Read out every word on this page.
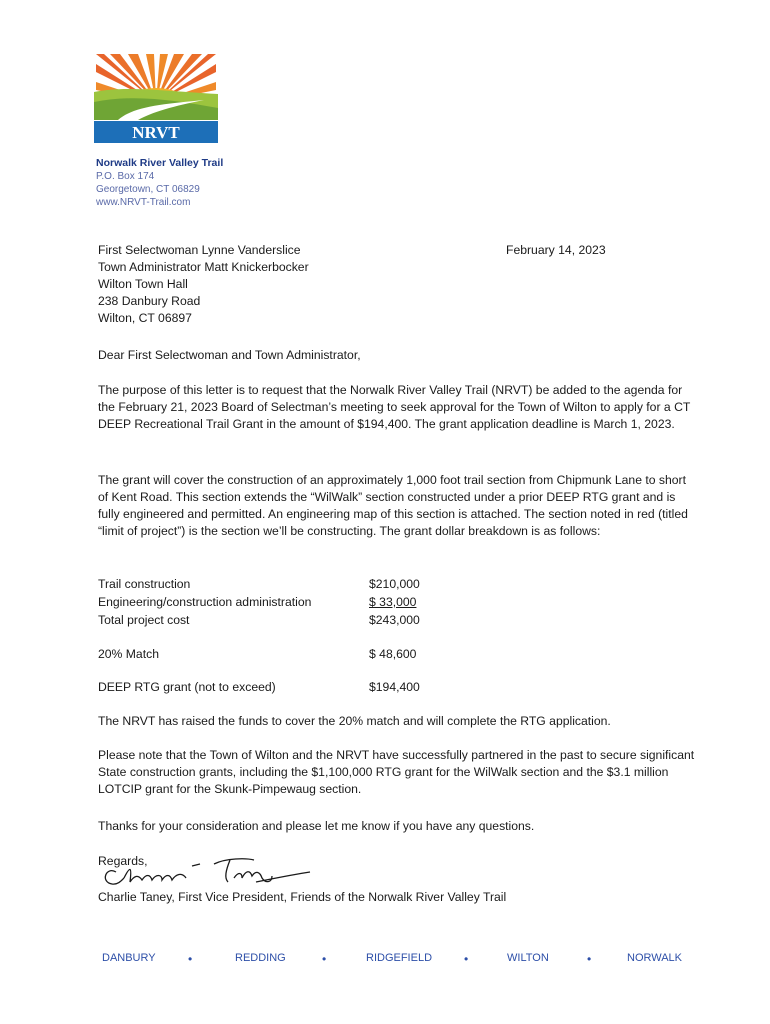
NRVT
Norwalk River Valley Trail
P.O. Box 174
Georgetown, CT 06829
www.NRVT-Trail.com
First Selectwoman Lynne Vanderslice
Town Administrator Matt Knickerbocker
Wilton Town Hall
238 Danbury Road
Wilton, CT 06897
February 14, 2023
Dear First Selectwoman and Town Administrator,
The purpose of this letter is to request that the Norwalk River Valley Trail (NRVT) be added to the agenda for the February 21, 2023 Board of Selectman’s meeting to seek approval for the Town of Wilton to apply for a CT DEEP Recreational Trail Grant in the amount of $194,400. The grant application deadline is March 1, 2023.
The grant will cover the construction of an approximately 1,000 foot trail section from Chipmunk Lane to short of Kent Road. This section extends the “WilWalk” section constructed under a prior DEEP RTG grant and is fully engineered and permitted. An engineering map of this section is attached. The section noted in red (titled “limit of project”) is the section we’ll be constructing. The grant dollar breakdown is as follows:
Trail construction	$210,000
Engineering/construction administration	$ 33,000
Total project cost	$243,000
20% Match	$ 48,600
DEEP RTG grant (not to exceed)	$194,400
The NRVT has raised the funds to cover the 20% match and will complete the RTG application.
Please note that the Town of Wilton and the NRVT have successfully partnered in the past to secure significant State construction grants, including the $1,100,000 RTG grant for the WilWalk section and the $3.1 million LOTCIP grant for the Skunk-Pimpewaug section.
Thanks for your consideration and please let me know if you have any questions.
Regards,
Charlie Taney, First Vice President, Friends of the Norwalk River Valley Trail
DANBURY	•	REDDING	•	RIDGEFIELD	•	WILTON	•	NORWALK
